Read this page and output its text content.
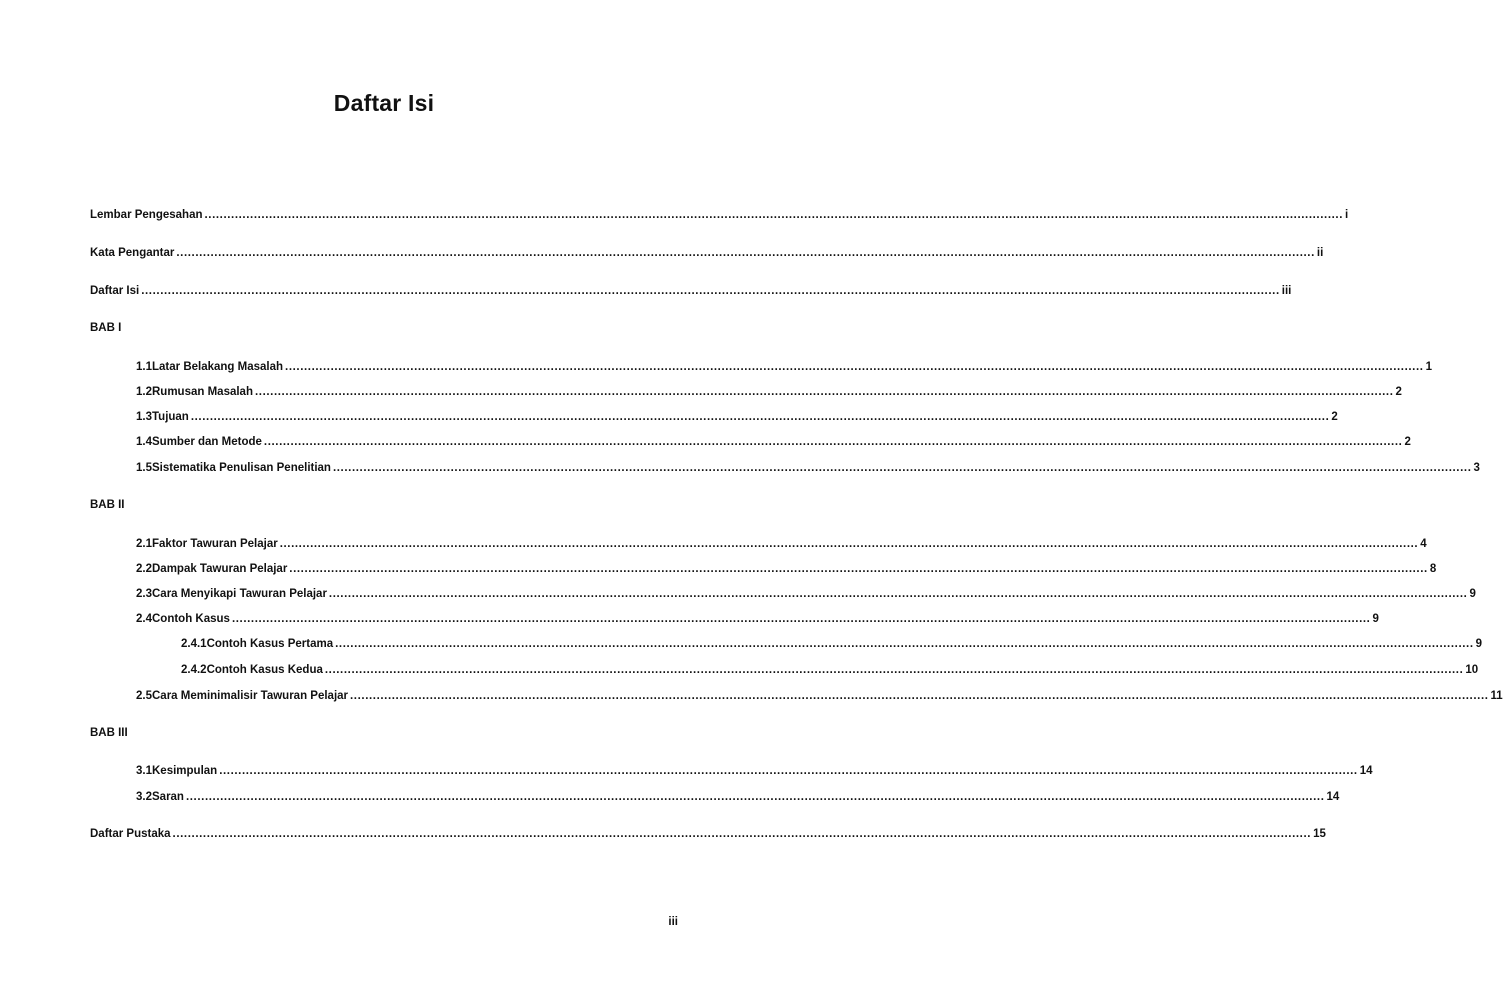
Daftar Isi
Lembar Pengesahan ............................................................................................................................................................................................................................................................................................................ i
Kata Pengantar ............................................................................................................................................................................................................................................................................................................ ii
Daftar Isi ............................................................................................................................................................................................................................................................................................................ iii
BAB I
1.1 Latar Belakang Masalah ............................................................................................................................................................................................................................................................................................................ 1
1.2 Rumusan Masalah ............................................................................................................................................................................................................................................................................................................ 2
1.3 Tujuan ............................................................................................................................................................................................................................................................................................................ 2
1.4 Sumber dan Metode ............................................................................................................................................................................................................................................................................................................ 2
1.5 Sistematika Penulisan Penelitian ............................................................................................................................................................................................................................................................................................................ 3
BAB II
2.1 Faktor Tawuran Pelajar ............................................................................................................................................................................................................................................................................................................ 4
2.2 Dampak Tawuran Pelajar ............................................................................................................................................................................................................................................................................................................ 8
2.3 Cara Menyikapi Tawuran Pelajar ............................................................................................................................................................................................................................................................................................................ 9
2.4 Contoh Kasus ............................................................................................................................................................................................................................................................................................................ 9
2.4.1 Contoh Kasus Pertama ............................................................................................................................................................................................................................................................................................................ 9
2.4.2 Contoh Kasus Kedua ............................................................................................................................................................................................................................................................................................................ 10
2.5 Cara Meminimalisir Tawuran Pelajar ............................................................................................................................................................................................................................................................................................................ 11
BAB III
3.1 Kesimpulan ............................................................................................................................................................................................................................................................................................................ 14
3.2 Saran ............................................................................................................................................................................................................................................................................................................ 14
Daftar Pustaka ............................................................................................................................................................................................................................................................................................................ 15
iii
